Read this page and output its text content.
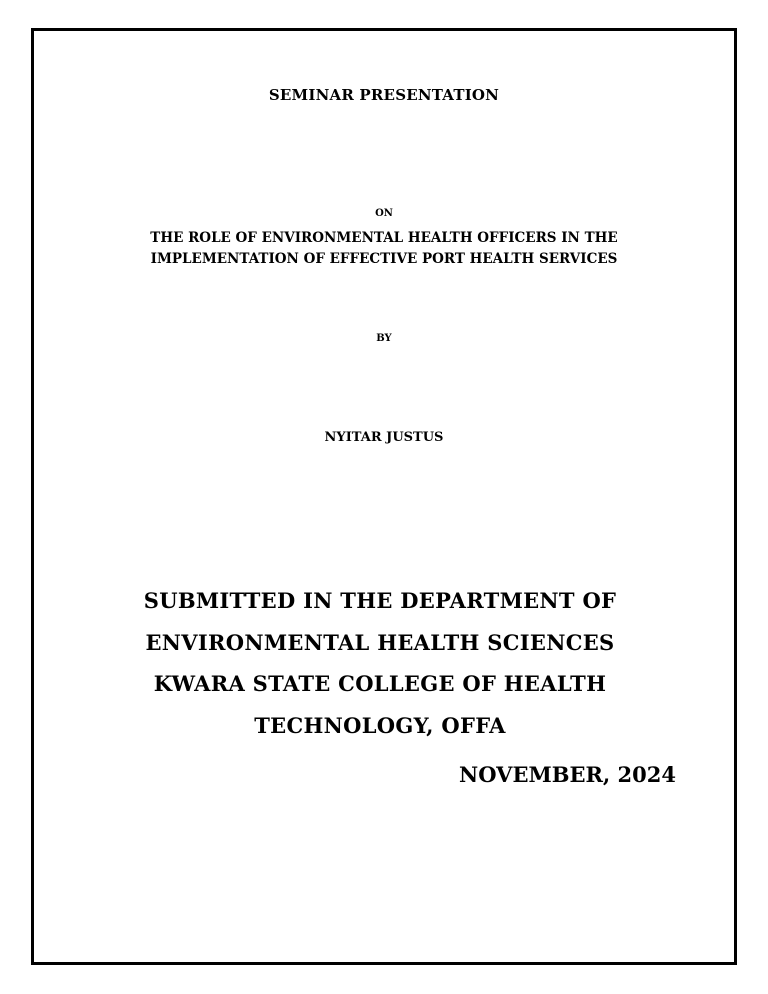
SEMINAR PRESENTATION
ON
THE ROLE OF ENVIRONMENTAL HEALTH OFFICERS IN THE
IMPLEMENTATION OF EFFECTIVE PORT HEALTH SERVICES
BY
NYITAR JUSTUS
SUBMITTED IN THE DEPARTMENT OF
ENVIRONMENTAL HEALTH SCIENCES
KWARA STATE COLLEGE OF HEALTH
TECHNOLOGY, OFFA
NOVEMBER, 2024
